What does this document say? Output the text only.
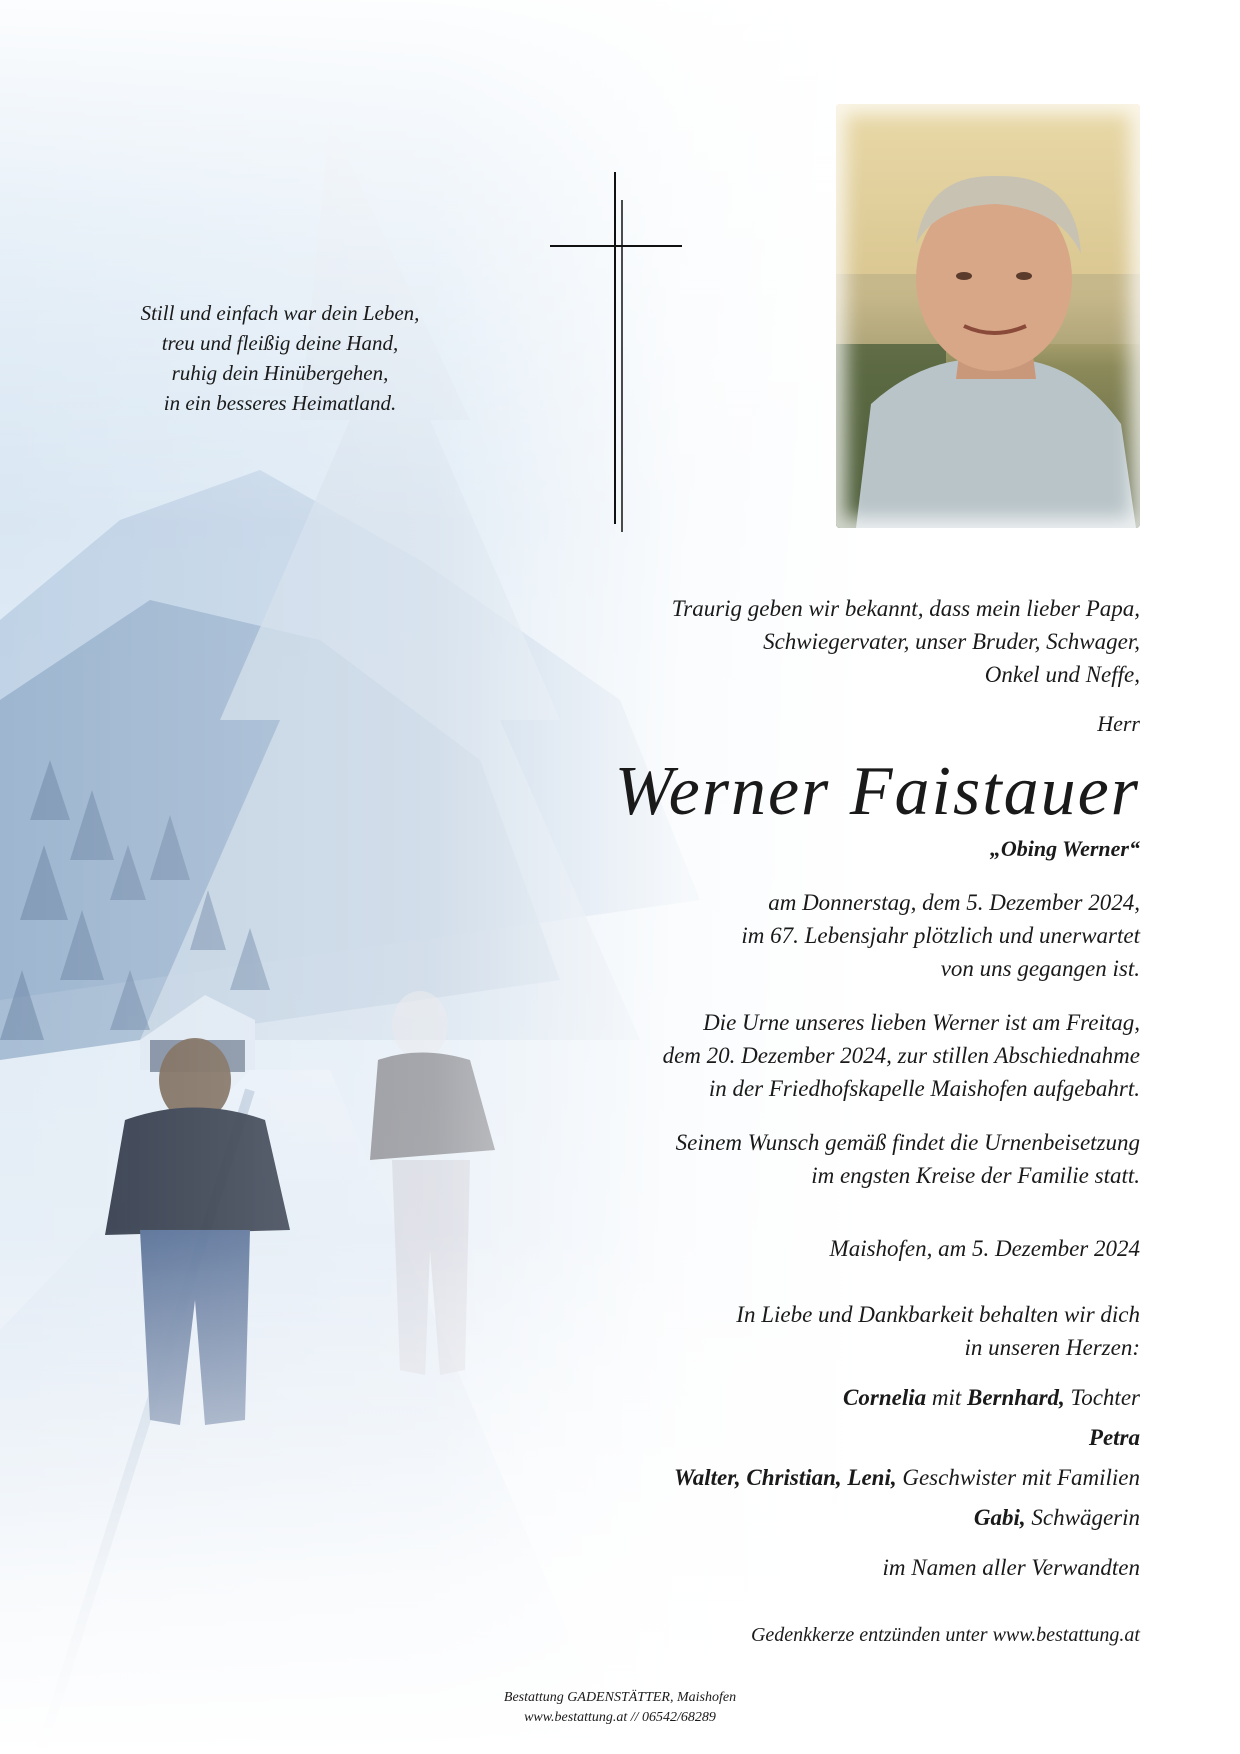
Still und einfach war dein Leben,
treu und fleißig deine Hand,
ruhig dein Hinübergehen,
in ein besseres Heimatland.
Traurig geben wir bekannt, dass mein lieber Papa,
Schwiegervater, unser Bruder, Schwager,
Onkel und Neffe,
Herr
Werner Faistauer
„Obing Werner“
am Donnerstag, dem 5. Dezember 2024,
im 67. Lebensjahr plötzlich und unerwartet
von uns gegangen ist.
Die Urne unseres lieben Werner ist am Freitag,
dem 20. Dezember 2024, zur stillen Abschiednahme
in der Friedhofskapelle Maishofen aufgebahrt.
Seinem Wunsch gemäß findet die Urnenbeisetzung
im engsten Kreise der Familie statt.
Maishofen, am 5. Dezember 2024
In Liebe und Dankbarkeit behalten wir dich
in unseren Herzen:
Cornelia mit Bernhard, Tochter
Petra
Walter, Christian, Leni, Geschwister mit Familien
Gabi, Schwägerin
im Namen aller Verwandten
Gedenkkerze entzünden unter www.bestattung.at
Bestattung GADENSTÄTTER, Maishofen
www.bestattung.at // 06542/68289
